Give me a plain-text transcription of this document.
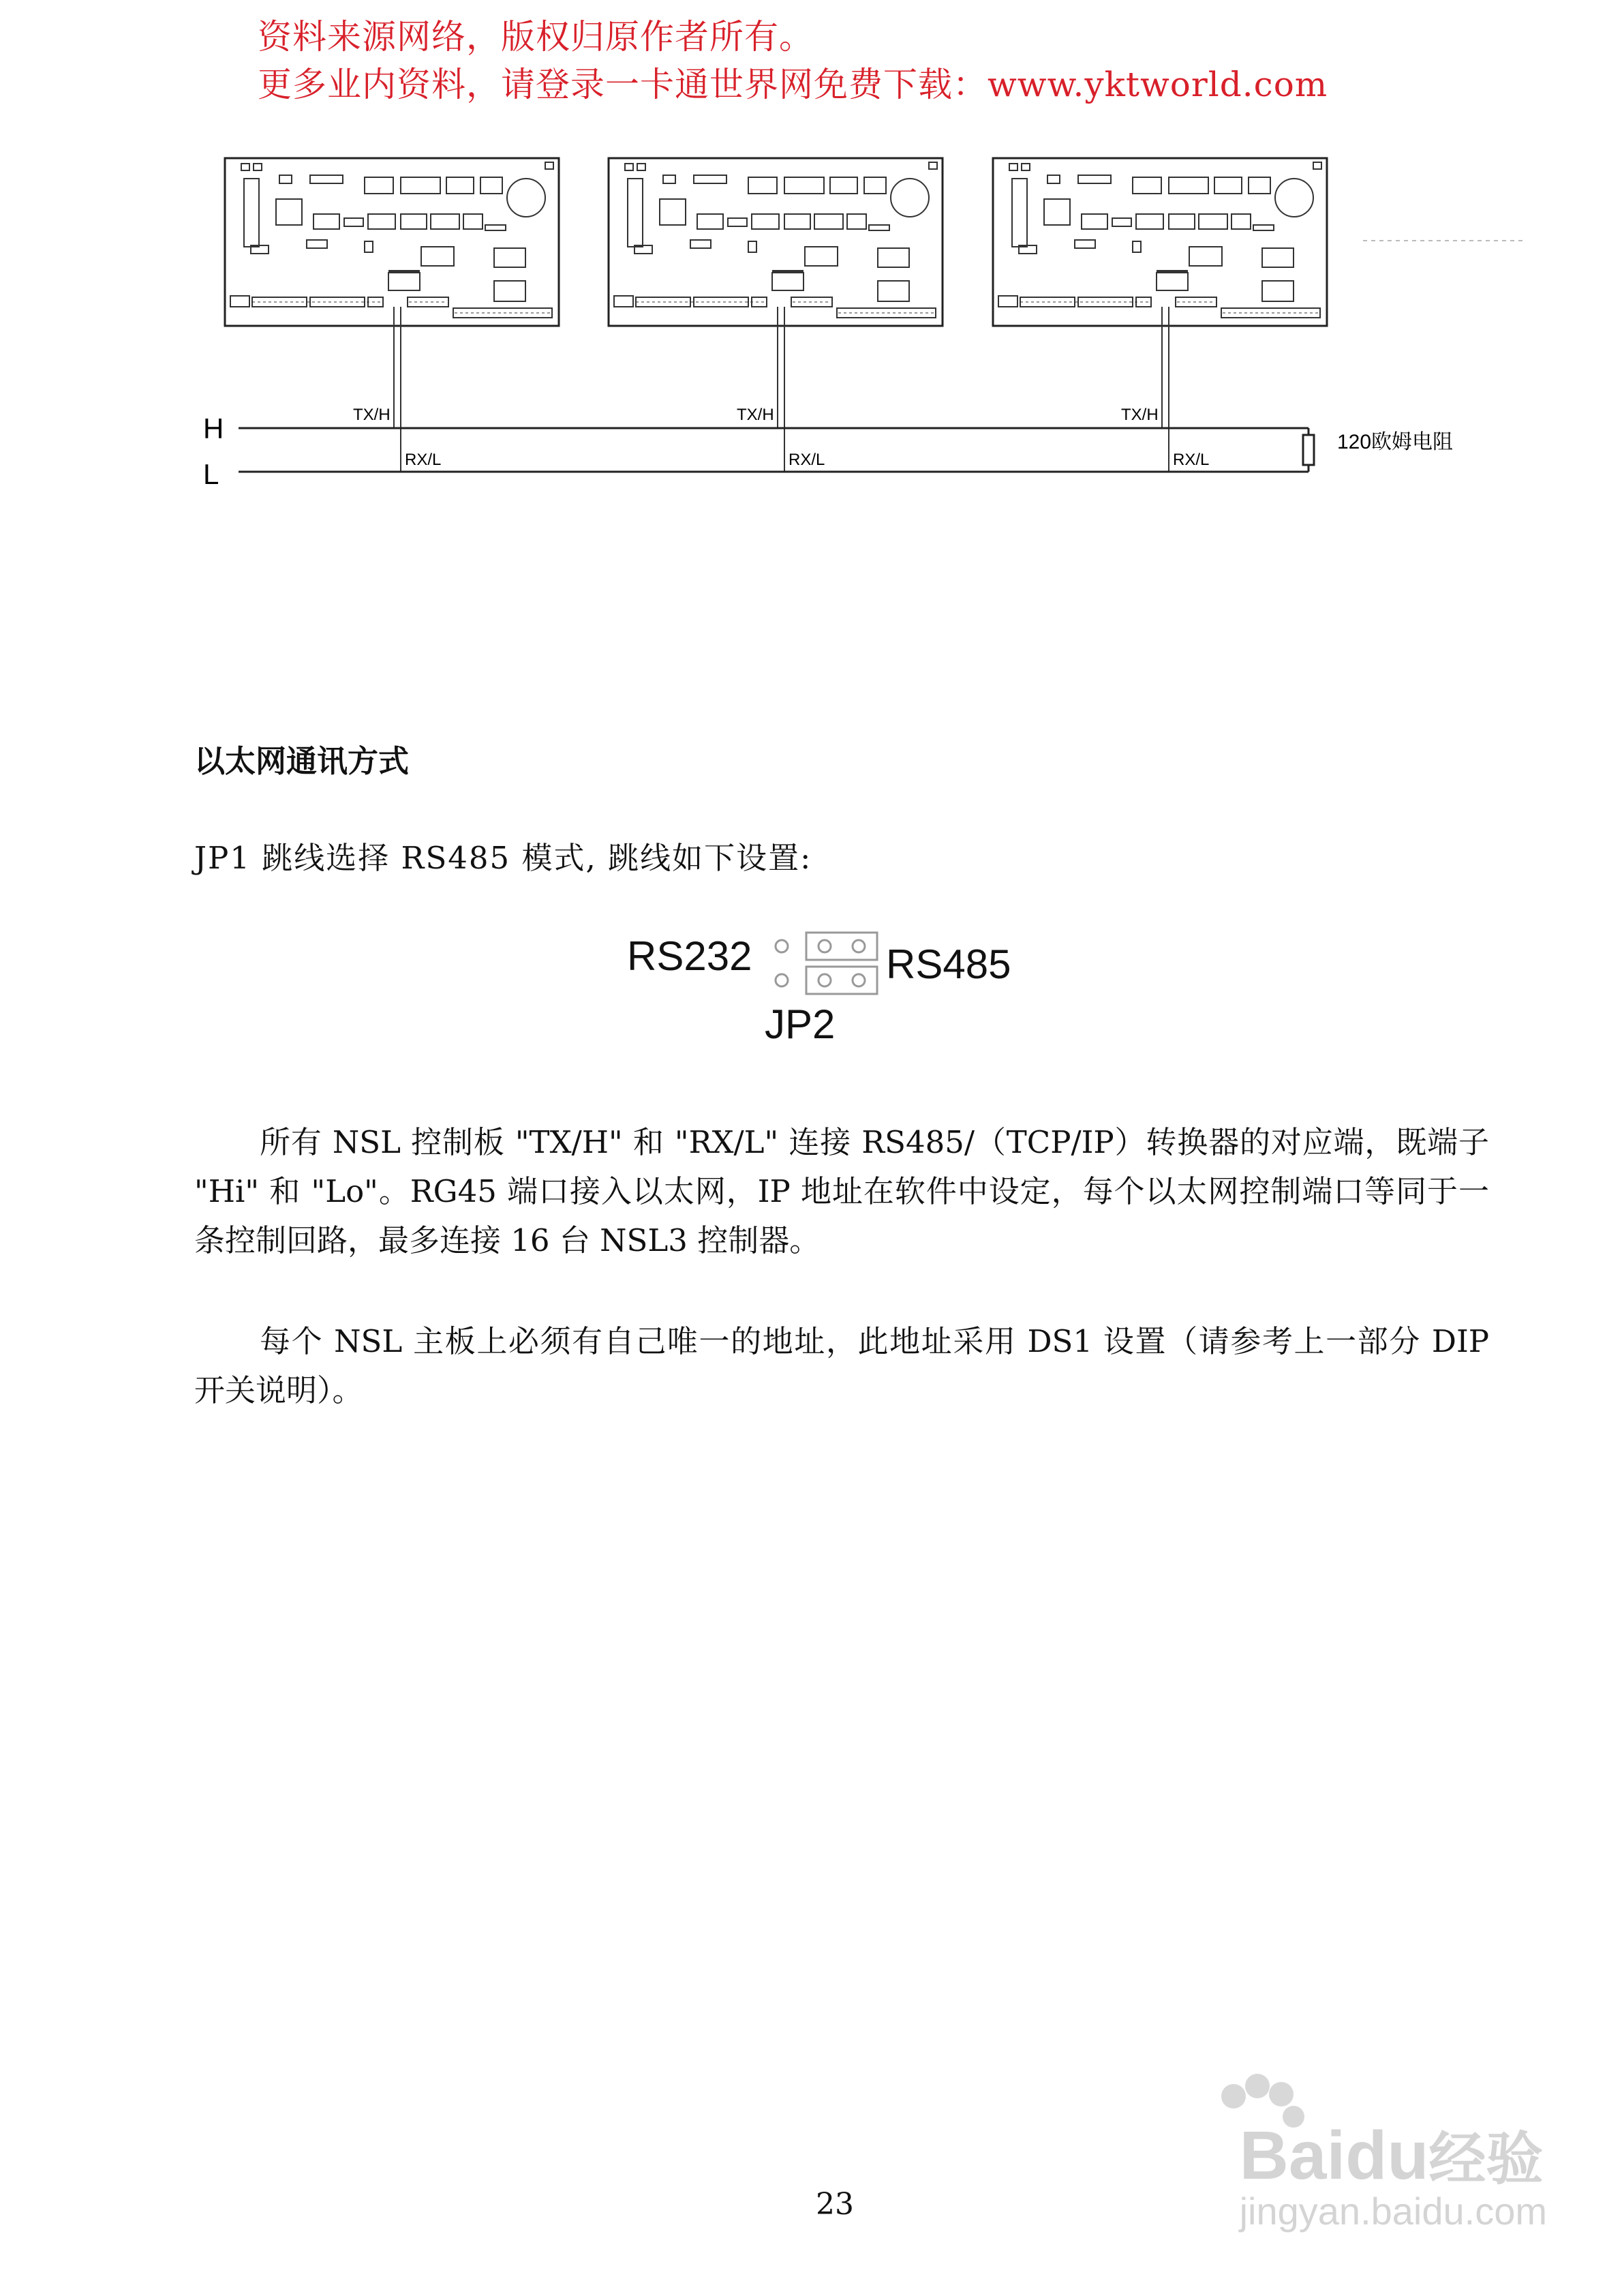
资料来源网络，版权归原作者所有。
更多业内资料，请登录一卡通世界网免费下载：www.yktworld.com
H
L
TX/H
RX/L
TX/H
RX/L
TX/H
RX/L
120欧姆电阻
以太网通讯方式
JP1 跳线选择 RS485 模式, 跳线如下设置:
RS232	RS485
JP2
所有 NSL 控制板 "TX/H" 和 "RX/L" 连接 RS485/（TCP/IP）转换器的对应端，既端子 "Hi" 和 "Lo"。RG45 端口接入以太网，IP 地址在软件中设定，每个以太网控制端口等同于一条控制回路，最多连接 16 台 NSL3 控制器。
每个 NSL 主板上必须有自己唯一的地址，此地址采用 DS1 设置（请参考上一部分 DIP 开关说明）。
23
Baidu经验
jingyan.baidu.com
